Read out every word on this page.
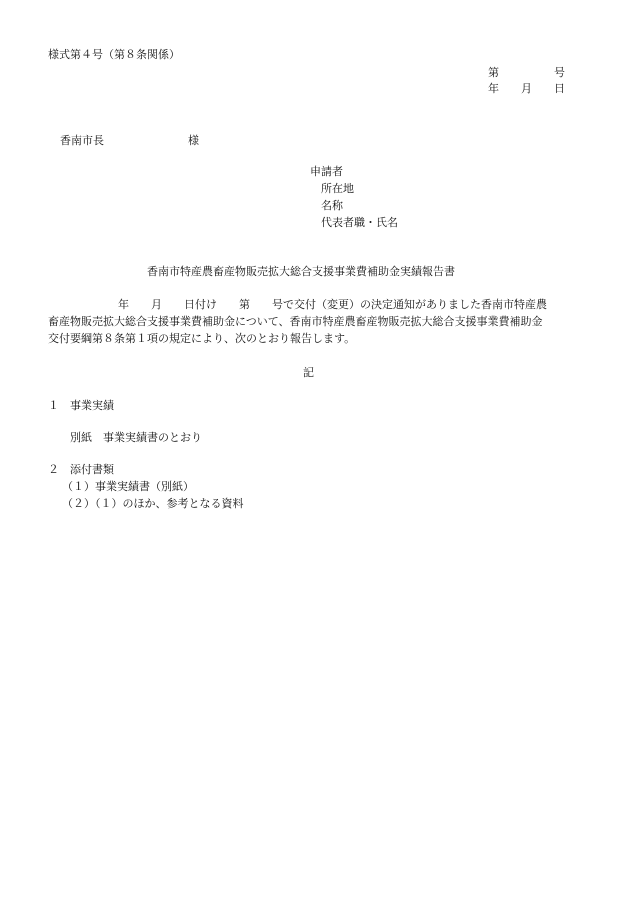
様式第４号（第８条関係）
第　　　　　号
年　　月　　日
香南市長	様
申請者
所在地
名称
代表者職・氏名
香南市特産農畜産物販売拡大総合支援事業費補助金実績報告書
年　　月　　日付け　　第　　号で交付（変更）の決定通知がありました香南市特産農
畜産物販売拡大総合支援事業費補助金について、香南市特産農畜産物販売拡大総合支援事業費補助金
交付要綱第８条第１項の規定により、次のとおり報告します。
記
１　事業実績
別紙　事業実績書のとおり
２　添付書類
（１）事業実績書（別紙）
（２）（１）のほか、参考となる資料
